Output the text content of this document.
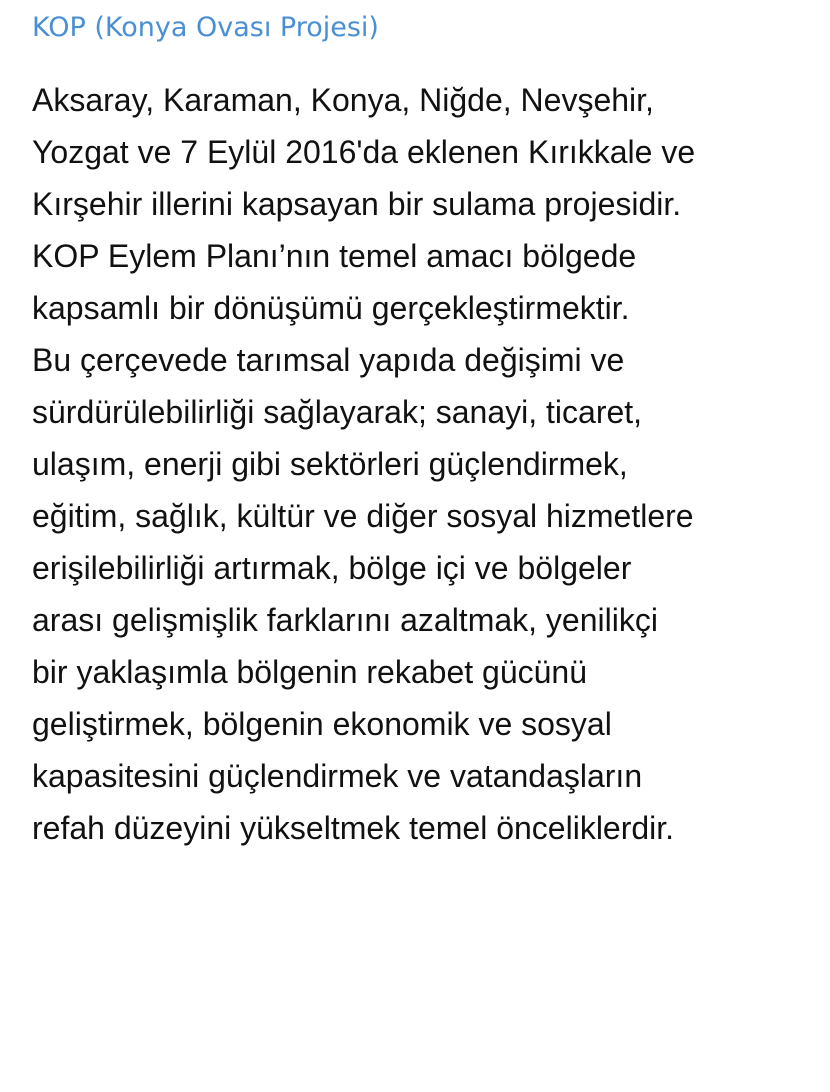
KOP (Konya Ovası Projesi)

Aksaray, Karaman, Konya, Niğde, Nevşehir,
Yozgat ve 7 Eylül 2016'da eklenen Kırıkkale ve
Kırşehir illerini kapsayan bir sulama projesidir.

KOP Eylem Planı’nın temel amacı bölgede
kapsamlı bir dönüşümü gerçekleştirmektir.
Bu çerçevede tarımsal yapıda değişimi ve
sürdürülebilirliği sağlayarak; sanayi, ticaret,
ulaşım, enerji gibi sektörleri güçlendirmek,
eğitim, sağlık, kültür ve diğer sosyal hizmetlere
erişilebilirliği artırmak, bölge içi ve bölgeler
arası gelişmişlik farklarını azaltmak, yenilikçi
bir yaklaşımla bölgenin rekabet gücünü
geliştirmek, bölgenin ekonomik ve sosyal
kapasitesini güçlendirmek ve vatandaşların
refah düzeyini yükseltmek temel önceliklerdir.
